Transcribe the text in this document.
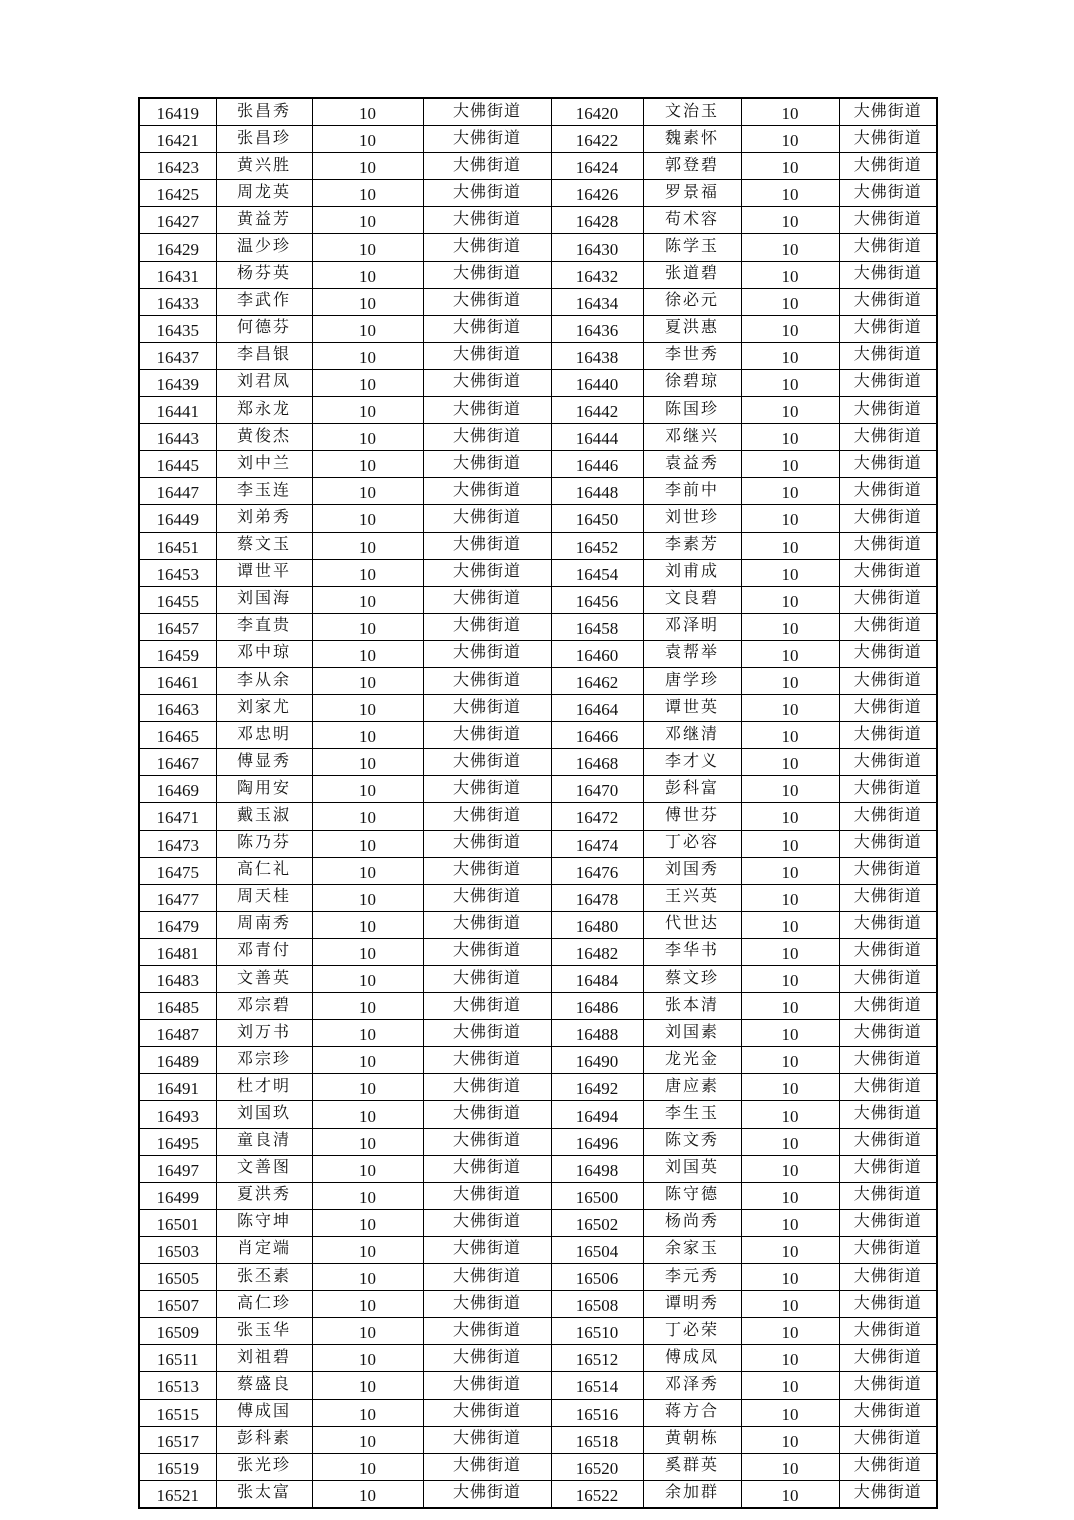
16419	张昌秀	10	大佛街道	16420	文治玉	10	大佛街道
16421	张昌珍	10	大佛街道	16422	魏素怀	10	大佛街道
16423	黄兴胜	10	大佛街道	16424	郭登碧	10	大佛街道
16425	周龙英	10	大佛街道	16426	罗景福	10	大佛街道
16427	黄益芳	10	大佛街道	16428	苟术容	10	大佛街道
16429	温少珍	10	大佛街道	16430	陈学玉	10	大佛街道
16431	杨芬英	10	大佛街道	16432	张道碧	10	大佛街道
16433	李武作	10	大佛街道	16434	徐必元	10	大佛街道
16435	何德芬	10	大佛街道	16436	夏洪惠	10	大佛街道
16437	李昌银	10	大佛街道	16438	李世秀	10	大佛街道
16439	刘君凤	10	大佛街道	16440	徐碧琼	10	大佛街道
16441	郑永龙	10	大佛街道	16442	陈国珍	10	大佛街道
16443	黄俊杰	10	大佛街道	16444	邓继兴	10	大佛街道
16445	刘中兰	10	大佛街道	16446	袁益秀	10	大佛街道
16447	李玉连	10	大佛街道	16448	李前中	10	大佛街道
16449	刘弟秀	10	大佛街道	16450	刘世珍	10	大佛街道
16451	蔡文玉	10	大佛街道	16452	李素芳	10	大佛街道
16453	谭世平	10	大佛街道	16454	刘甫成	10	大佛街道
16455	刘国海	10	大佛街道	16456	文良碧	10	大佛街道
16457	李直贵	10	大佛街道	16458	邓泽明	10	大佛街道
16459	邓中琼	10	大佛街道	16460	袁帮举	10	大佛街道
16461	李从余	10	大佛街道	16462	唐学珍	10	大佛街道
16463	刘家尤	10	大佛街道	16464	谭世英	10	大佛街道
16465	邓忠明	10	大佛街道	16466	邓继清	10	大佛街道
16467	傅显秀	10	大佛街道	16468	李才义	10	大佛街道
16469	陶用安	10	大佛街道	16470	彭科富	10	大佛街道
16471	戴玉淑	10	大佛街道	16472	傅世芬	10	大佛街道
16473	陈乃芬	10	大佛街道	16474	丁必容	10	大佛街道
16475	高仁礼	10	大佛街道	16476	刘国秀	10	大佛街道
16477	周天桂	10	大佛街道	16478	王兴英	10	大佛街道
16479	周南秀	10	大佛街道	16480	代世达	10	大佛街道
16481	邓青付	10	大佛街道	16482	李华书	10	大佛街道
16483	文善英	10	大佛街道	16484	蔡文珍	10	大佛街道
16485	邓宗碧	10	大佛街道	16486	张本清	10	大佛街道
16487	刘万书	10	大佛街道	16488	刘国素	10	大佛街道
16489	邓宗珍	10	大佛街道	16490	龙光金	10	大佛街道
16491	杜才明	10	大佛街道	16492	唐应素	10	大佛街道
16493	刘国玖	10	大佛街道	16494	李生玉	10	大佛街道
16495	童良清	10	大佛街道	16496	陈文秀	10	大佛街道
16497	文善图	10	大佛街道	16498	刘国英	10	大佛街道
16499	夏洪秀	10	大佛街道	16500	陈守德	10	大佛街道
16501	陈守坤	10	大佛街道	16502	杨尚秀	10	大佛街道
16503	肖定端	10	大佛街道	16504	余家玉	10	大佛街道
16505	张丕素	10	大佛街道	16506	李元秀	10	大佛街道
16507	高仁珍	10	大佛街道	16508	谭明秀	10	大佛街道
16509	张玉华	10	大佛街道	16510	丁必荣	10	大佛街道
16511	刘祖碧	10	大佛街道	16512	傅成凤	10	大佛街道
16513	蔡盛良	10	大佛街道	16514	邓泽秀	10	大佛街道
16515	傅成国	10	大佛街道	16516	蒋方合	10	大佛街道
16517	彭科素	10	大佛街道	16518	黄朝栋	10	大佛街道
16519	张光珍	10	大佛街道	16520	奚群英	10	大佛街道
16521	张太富	10	大佛街道	16522	余加群	10	大佛街道
